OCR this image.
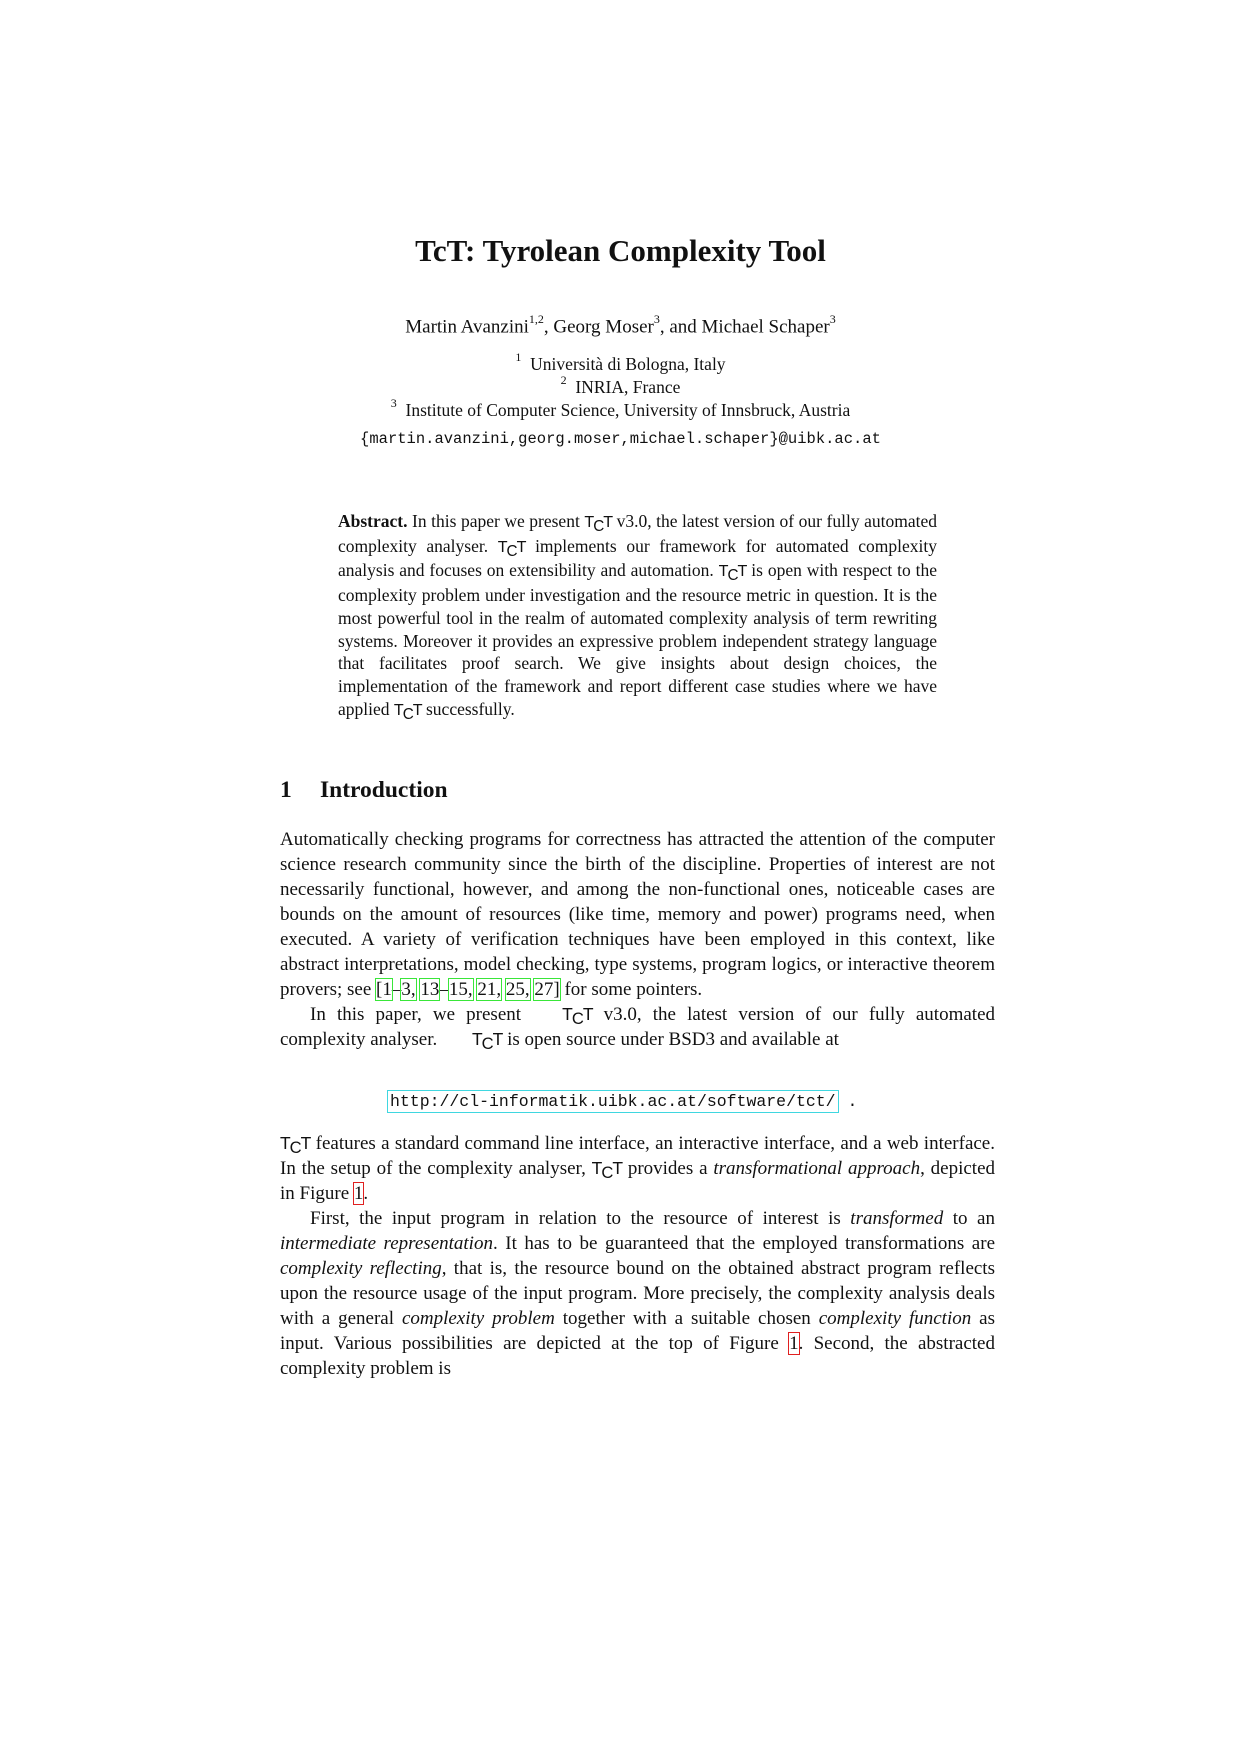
TcT: Tyrolean Complexity Tool
Martin Avanzini$^{1,2}$, Georg Moser$^3$, and Michael Schaper$^3$
$^1$ Università di Bologna, Italy
$^2$ INRIA, France
$^3$ Institute of Computer Science, University of Innsbruck, Austria
{martin.avanzini,georg.moser,michael.schaper}@uibk.ac.at
Abstract. In this paper we present TCT v3.0, the latest version of our fully automated complexity analyser. TCT implements our framework for automated complexity analysis and focuses on extensibility and automation. TCT is open with respect to the complexity problem under investigation and the resource metric in question. It is the most powerful tool in the realm of automated complexity analysis of term rewriting systems. Moreover it provides an expressive problem independent strategy language that facilitates proof search. We give insights about design choices, the implementation of the framework and report different case studies where we have applied TCT successfully.
1 Introduction

Automatically checking programs for correctness has attracted the attention of the computer science research community since the birth of the discipline. Properties of interest are not necessarily functional, however, and among the non-functional ones, noticeable cases are bounds on the amount of resources (like time, memory and power) programs need, when executed. A variety of verification techniques have been employed in this context, like abstract interpretations, model checking, type systems, program logics, or interactive theorem provers; see [1–3, 13–15, 21, 25, 27] for some pointers.

In this paper, we present TCT v3.0, the latest version of our fully automated complexity analyser. TCT is open source under BSD3 and available at

http://cl-informatik.uibk.ac.at/software/tct/ .

TCT features a standard command line interface, an interactive interface, and a web interface. In the setup of the complexity analyser, TCT provides a transformational approach, depicted in Figure 1.

First, the input program in relation to the resource of interest is transformed to an intermediate representation. It has to be guaranteed that the employed transformations are complexity reflecting, that is, the resource bound on the obtained abstract program reflects upon the resource usage of the input program. More precisely, the complexity analysis deals with a general complexity problem together with a suitable chosen complexity function as input. Various possibilities are depicted at the top of Figure 1. Second, the abstracted complexity problem is
